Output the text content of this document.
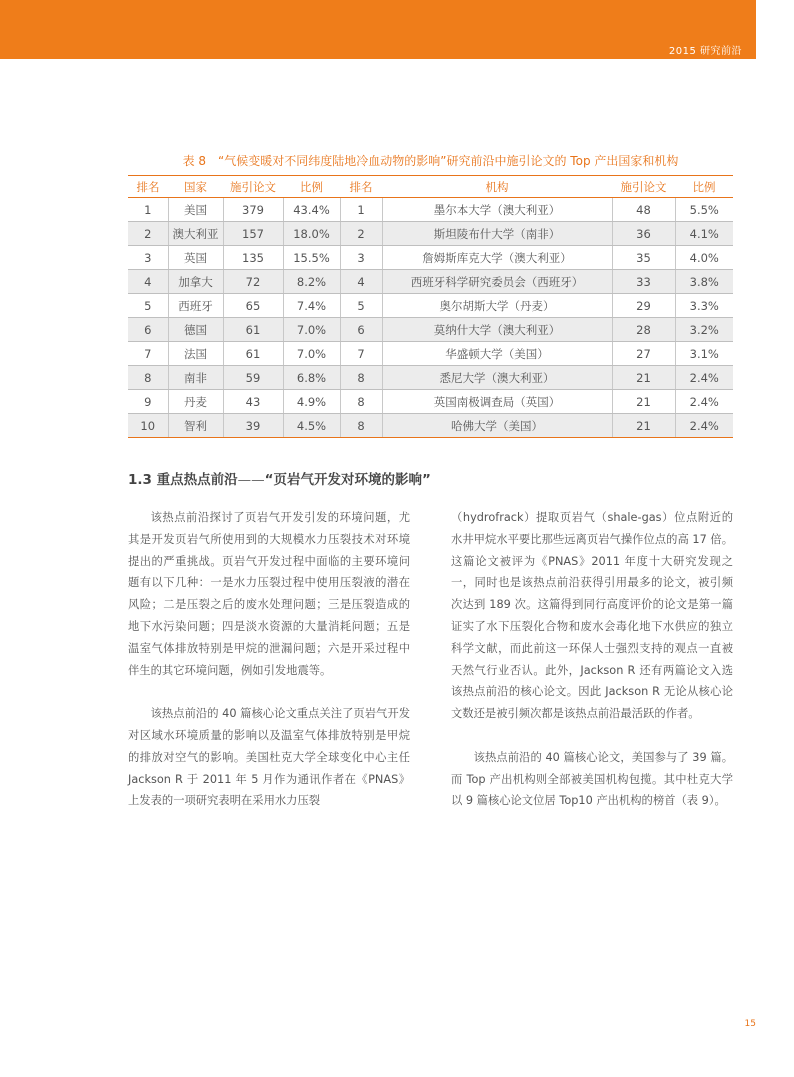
2015 研究前沿
表 8　“气候变暖对不同纬度陆地冷血动物的影响”研究前沿中施引论文的 Top 产出国家和机构
排名	国家	施引论文	比例	排名	机构	施引论文	比例
1	美国	379	43.4%	1	墨尔本大学（澳大利亚）	48	5.5%
2	澳大利亚	157	18.0%	2	斯坦陵布什大学（南非）	36	4.1%
3	英国	135	15.5%	3	詹姆斯库克大学（澳大利亚）	35	4.0%
4	加拿大	72	8.2%	4	西班牙科学研究委员会（西班牙）	33	3.8%
5	西班牙	65	7.4%	5	奥尔胡斯大学（丹麦）	29	3.3%
6	德国	61	7.0%	6	莫纳什大学（澳大利亚）	28	3.2%
7	法国	61	7.0%	7	华盛顿大学（美国）	27	3.1%
8	南非	59	6.8%	8	悉尼大学（澳大利亚）	21	2.4%
9	丹麦	43	4.9%	8	英国南极调查局（英国）	21	2.4%
10	智利	39	4.5%	8	哈佛大学（美国）	21	2.4%
1.3 重点热点前沿——“页岩气开发对环境的影响”

该热点前沿探讨了页岩气开发引发的环境问题，尤其是开发页岩气所使用到的大规模水力压裂技术对环境提出的严重挑战。页岩气开发过程中面临的主要环境问题有以下几种：一是水力压裂过程中使用压裂液的潜在风险；二是压裂之后的废水处理问题；三是压裂造成的地下水污染问题；四是淡水资源的大量消耗问题；五是温室气体排放特别是甲烷的泄漏问题；六是开采过程中伴生的其它环境问题，例如引发地震等。

该热点前沿的 40 篇核心论文重点关注了页岩气开发对区域水环境质量的影响以及温室气体排放特别是甲烷的排放对空气的影响。美国杜克大学全球变化中心主任 Jackson R 于 2011 年 5 月作为通讯作者在《PNAS》上发表的一项研究表明在采用水力压裂

（hydrofrack）提取页岩气（shale-gas）位点附近的水井甲烷水平要比那些远离页岩气操作位点的高 17 倍。这篇论文被评为《PNAS》2011 年度十大研究发现之一，同时也是该热点前沿获得引用最多的论文，被引频次达到 189 次。这篇得到同行高度评价的论文是第一篇证实了水下压裂化合物和废水会毒化地下水供应的独立科学文献，而此前这一环保人士强烈支持的观点一直被天然气行业否认。此外，Jackson R 还有两篇论文入选该热点前沿的核心论文。因此 Jackson R 无论从核心论文数还是被引频次都是该热点前沿最活跃的作者。

该热点前沿的 40 篇核心论文，美国参与了 39 篇。而 Top 产出机构则全部被美国机构包揽。其中杜克大学以 9 篇核心论文位居 Top10 产出机构的榜首（表 9）。

15
